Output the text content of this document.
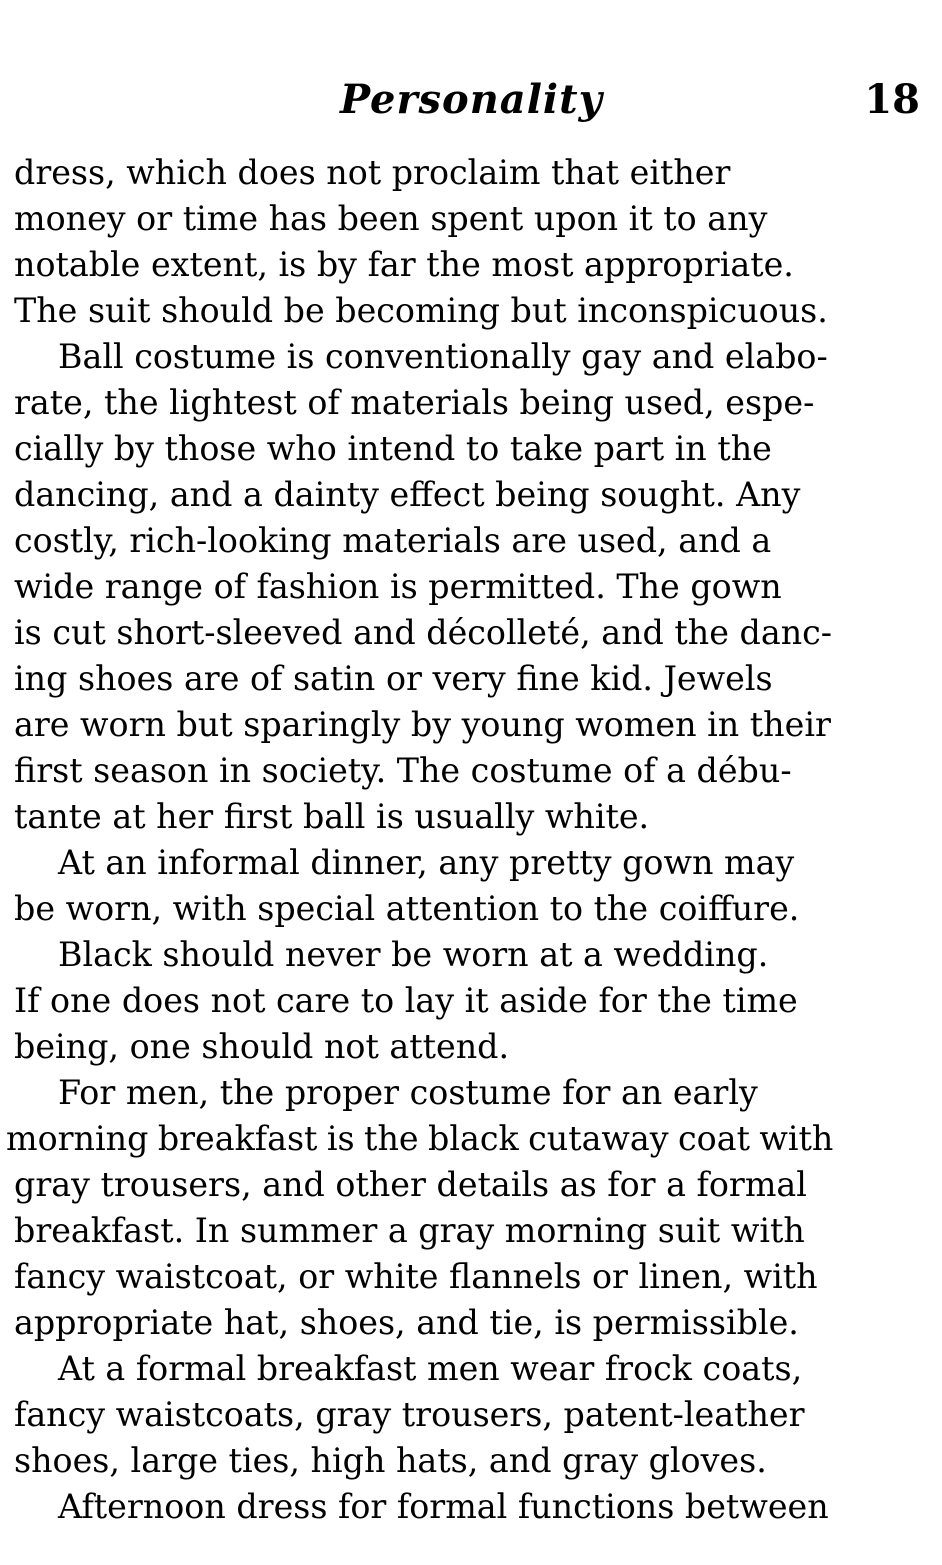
Personality	18
dress, which does not proclaim that either
money or time has been spent upon it to any
notable extent, is by far the most appropriate.
The suit should be becoming but inconspicuous.
Ball costume is conventionally gay and elabo-
rate, the lightest of materials being used, espe-
cially by those who intend to take part in the
dancing, and a dainty effect being sought. Any
costly, rich-looking materials are used, and a
wide range of fashion is permitted. The gown
is cut short-sleeved and décolleté, and the danc-
ing shoes are of satin or very fine kid. Jewels
are worn but sparingly by young women in their
first season in society. The costume of a débu-
tante at her first ball is usually white.
At an informal dinner, any pretty gown may
be worn, with special attention to the coiffure.
Black should never be worn at a wedding.
If one does not care to lay it aside for the time
being, one should not attend.
For men, the proper costume for an early
morning breakfast is the black cutaway coat with
gray trousers, and other details as for a formal
breakfast. In summer a gray morning suit with
fancy waistcoat, or white flannels or linen, with
appropriate hat, shoes, and tie, is permissible.
At a formal breakfast men wear frock coats,
fancy waistcoats, gray trousers, patent-leather
shoes, large ties, high hats, and gray gloves.
Afternoon dress for formal functions between
